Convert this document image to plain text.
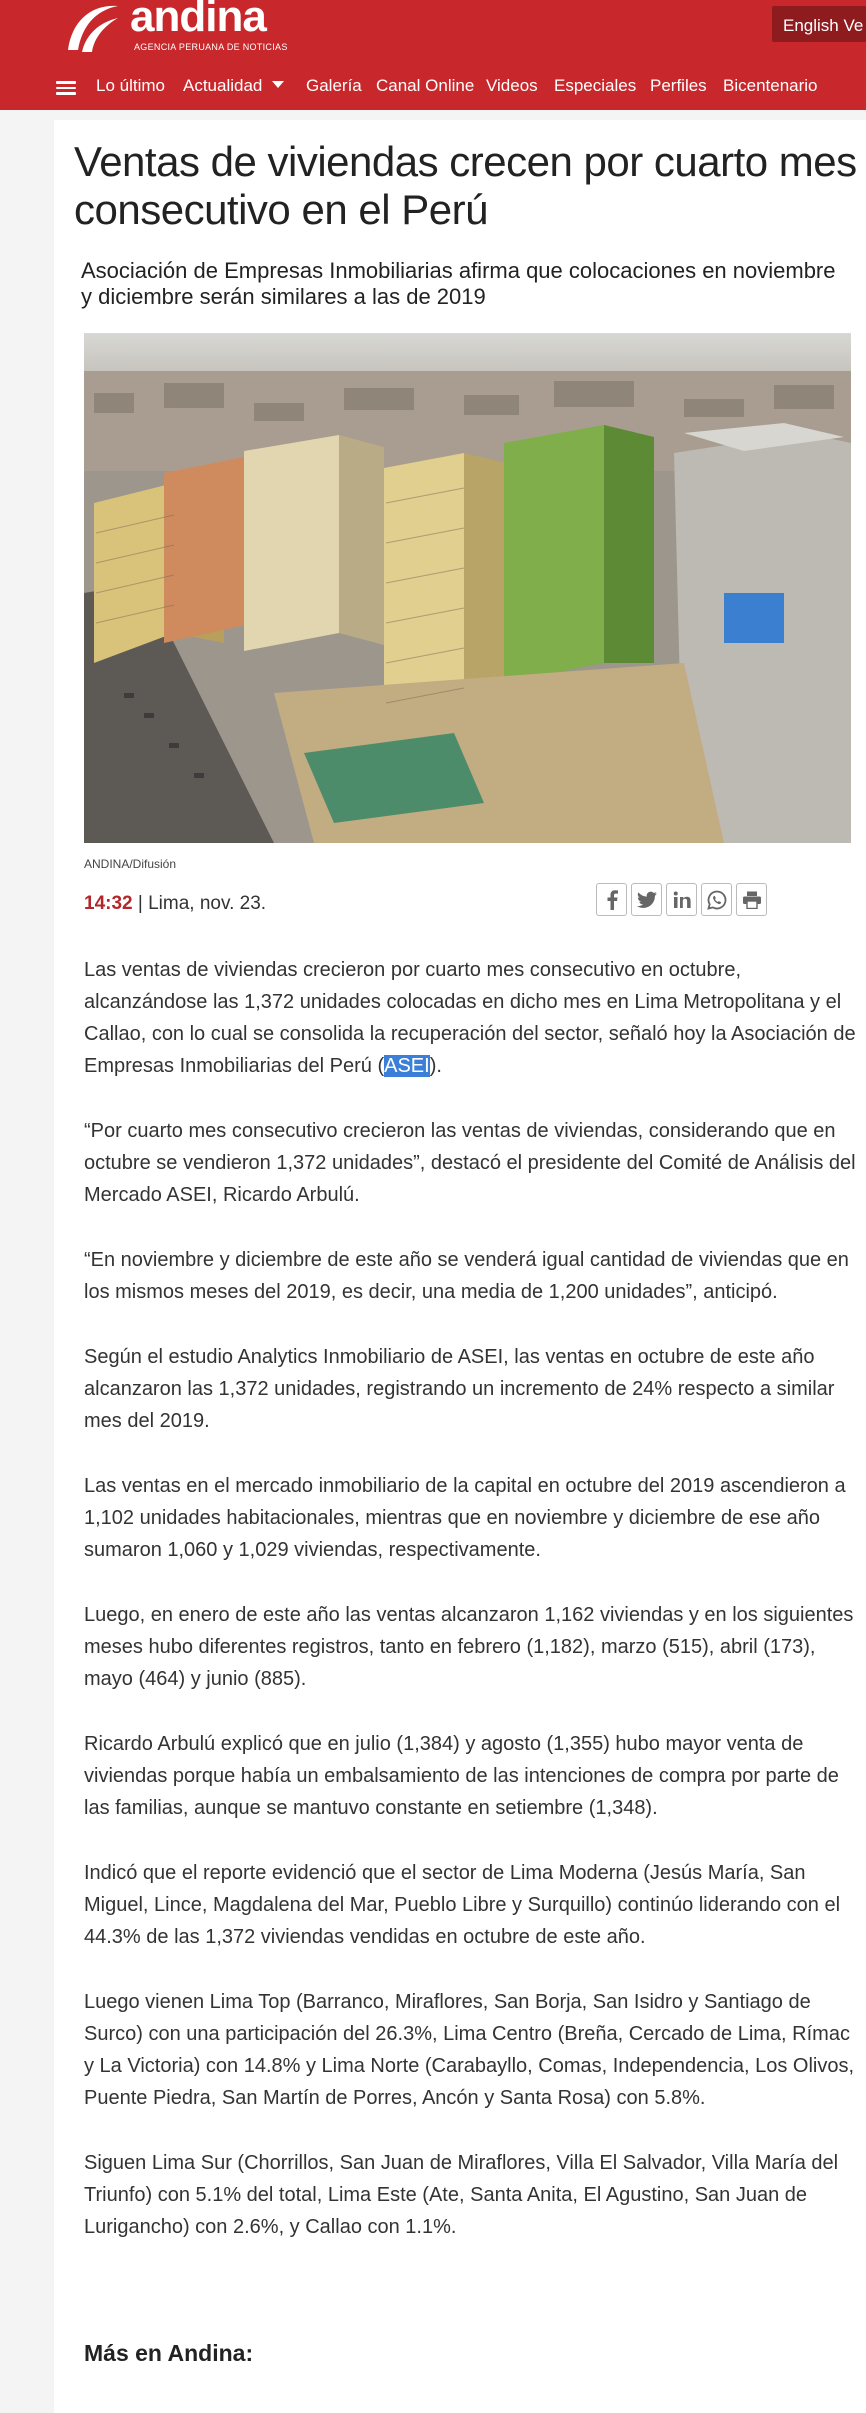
andina
AGENCIA PERUANA DE NOTICIAS
English Ve
Lo último Actualidad	Galería Canal Online Videos Especiales Perfiles Bicentenario
Ventas de viviendas crecen por cuarto mes consecutivo en el Perú
Asociación de Empresas Inmobiliarias afirma que colocaciones en noviembre y diciembre serán similares a las de 2019
ANDINA/Difusión
14:32 | Lima, nov. 23.

Las ventas de viviendas crecieron por cuarto mes consecutivo en octubre, alcanzándose las 1,372 unidades colocadas en dicho mes en Lima Metropolitana y el Callao, con lo cual se consolida la recuperación del sector, señaló hoy la Asociación de Empresas Inmobiliarias del Perú (ASEI).

“Por cuarto mes consecutivo crecieron las ventas de viviendas, considerando que en octubre se vendieron 1,372 unidades”, destacó el presidente del Comité de Análisis del Mercado ASEI, Ricardo Arbulú.

“En noviembre y diciembre de este año se venderá igual cantidad de viviendas que en los mismos meses del 2019, es decir, una media de 1,200 unidades”, anticipó.

Según el estudio Analytics Inmobiliario de ASEI, las ventas en octubre de este año alcanzaron las 1,372 unidades, registrando un incremento de 24% respecto a similar mes del 2019.

Las ventas en el mercado inmobiliario de la capital en octubre del 2019 ascendieron a 1,102 unidades habitacionales, mientras que en noviembre y diciembre de ese año sumaron 1,060 y 1,029 viviendas, respectivamente.

Luego, en enero de este año las ventas alcanzaron 1,162 viviendas y en los siguientes meses hubo diferentes registros, tanto en febrero (1,182), marzo (515), abril (173), mayo (464) y junio (885).

Ricardo Arbulú explicó que en julio (1,384) y agosto (1,355) hubo mayor venta de viviendas porque había un embalsamiento de las intenciones de compra por parte de las familias, aunque se mantuvo constante en setiembre (1,348).

Indicó que el reporte evidenció que el sector de Lima Moderna (Jesús María, San Miguel, Lince, Magdalena del Mar, Pueblo Libre y Surquillo) continúo liderando con el 44.3% de las 1,372 viviendas vendidas en octubre de este año.

Luego vienen Lima Top (Barranco, Miraflores, San Borja, San Isidro y Santiago de Surco) con una participación del 26.3%, Lima Centro (Breña, Cercado de Lima, Rímac y La Victoria) con 14.8% y Lima Norte (Carabayllo, Comas, Independencia, Los Olivos, Puente Piedra, San Martín de Porres, Ancón y Santa Rosa) con 5.8%.

Siguen Lima Sur (Chorrillos, San Juan de Miraflores, Villa El Salvador, Villa María del Triunfo) con 5.1% del total, Lima Este (Ate, Santa Anita, El Agustino, San Juan de Lurigancho) con 2.6%, y Callao con 1.1%.

Más en Andina:
